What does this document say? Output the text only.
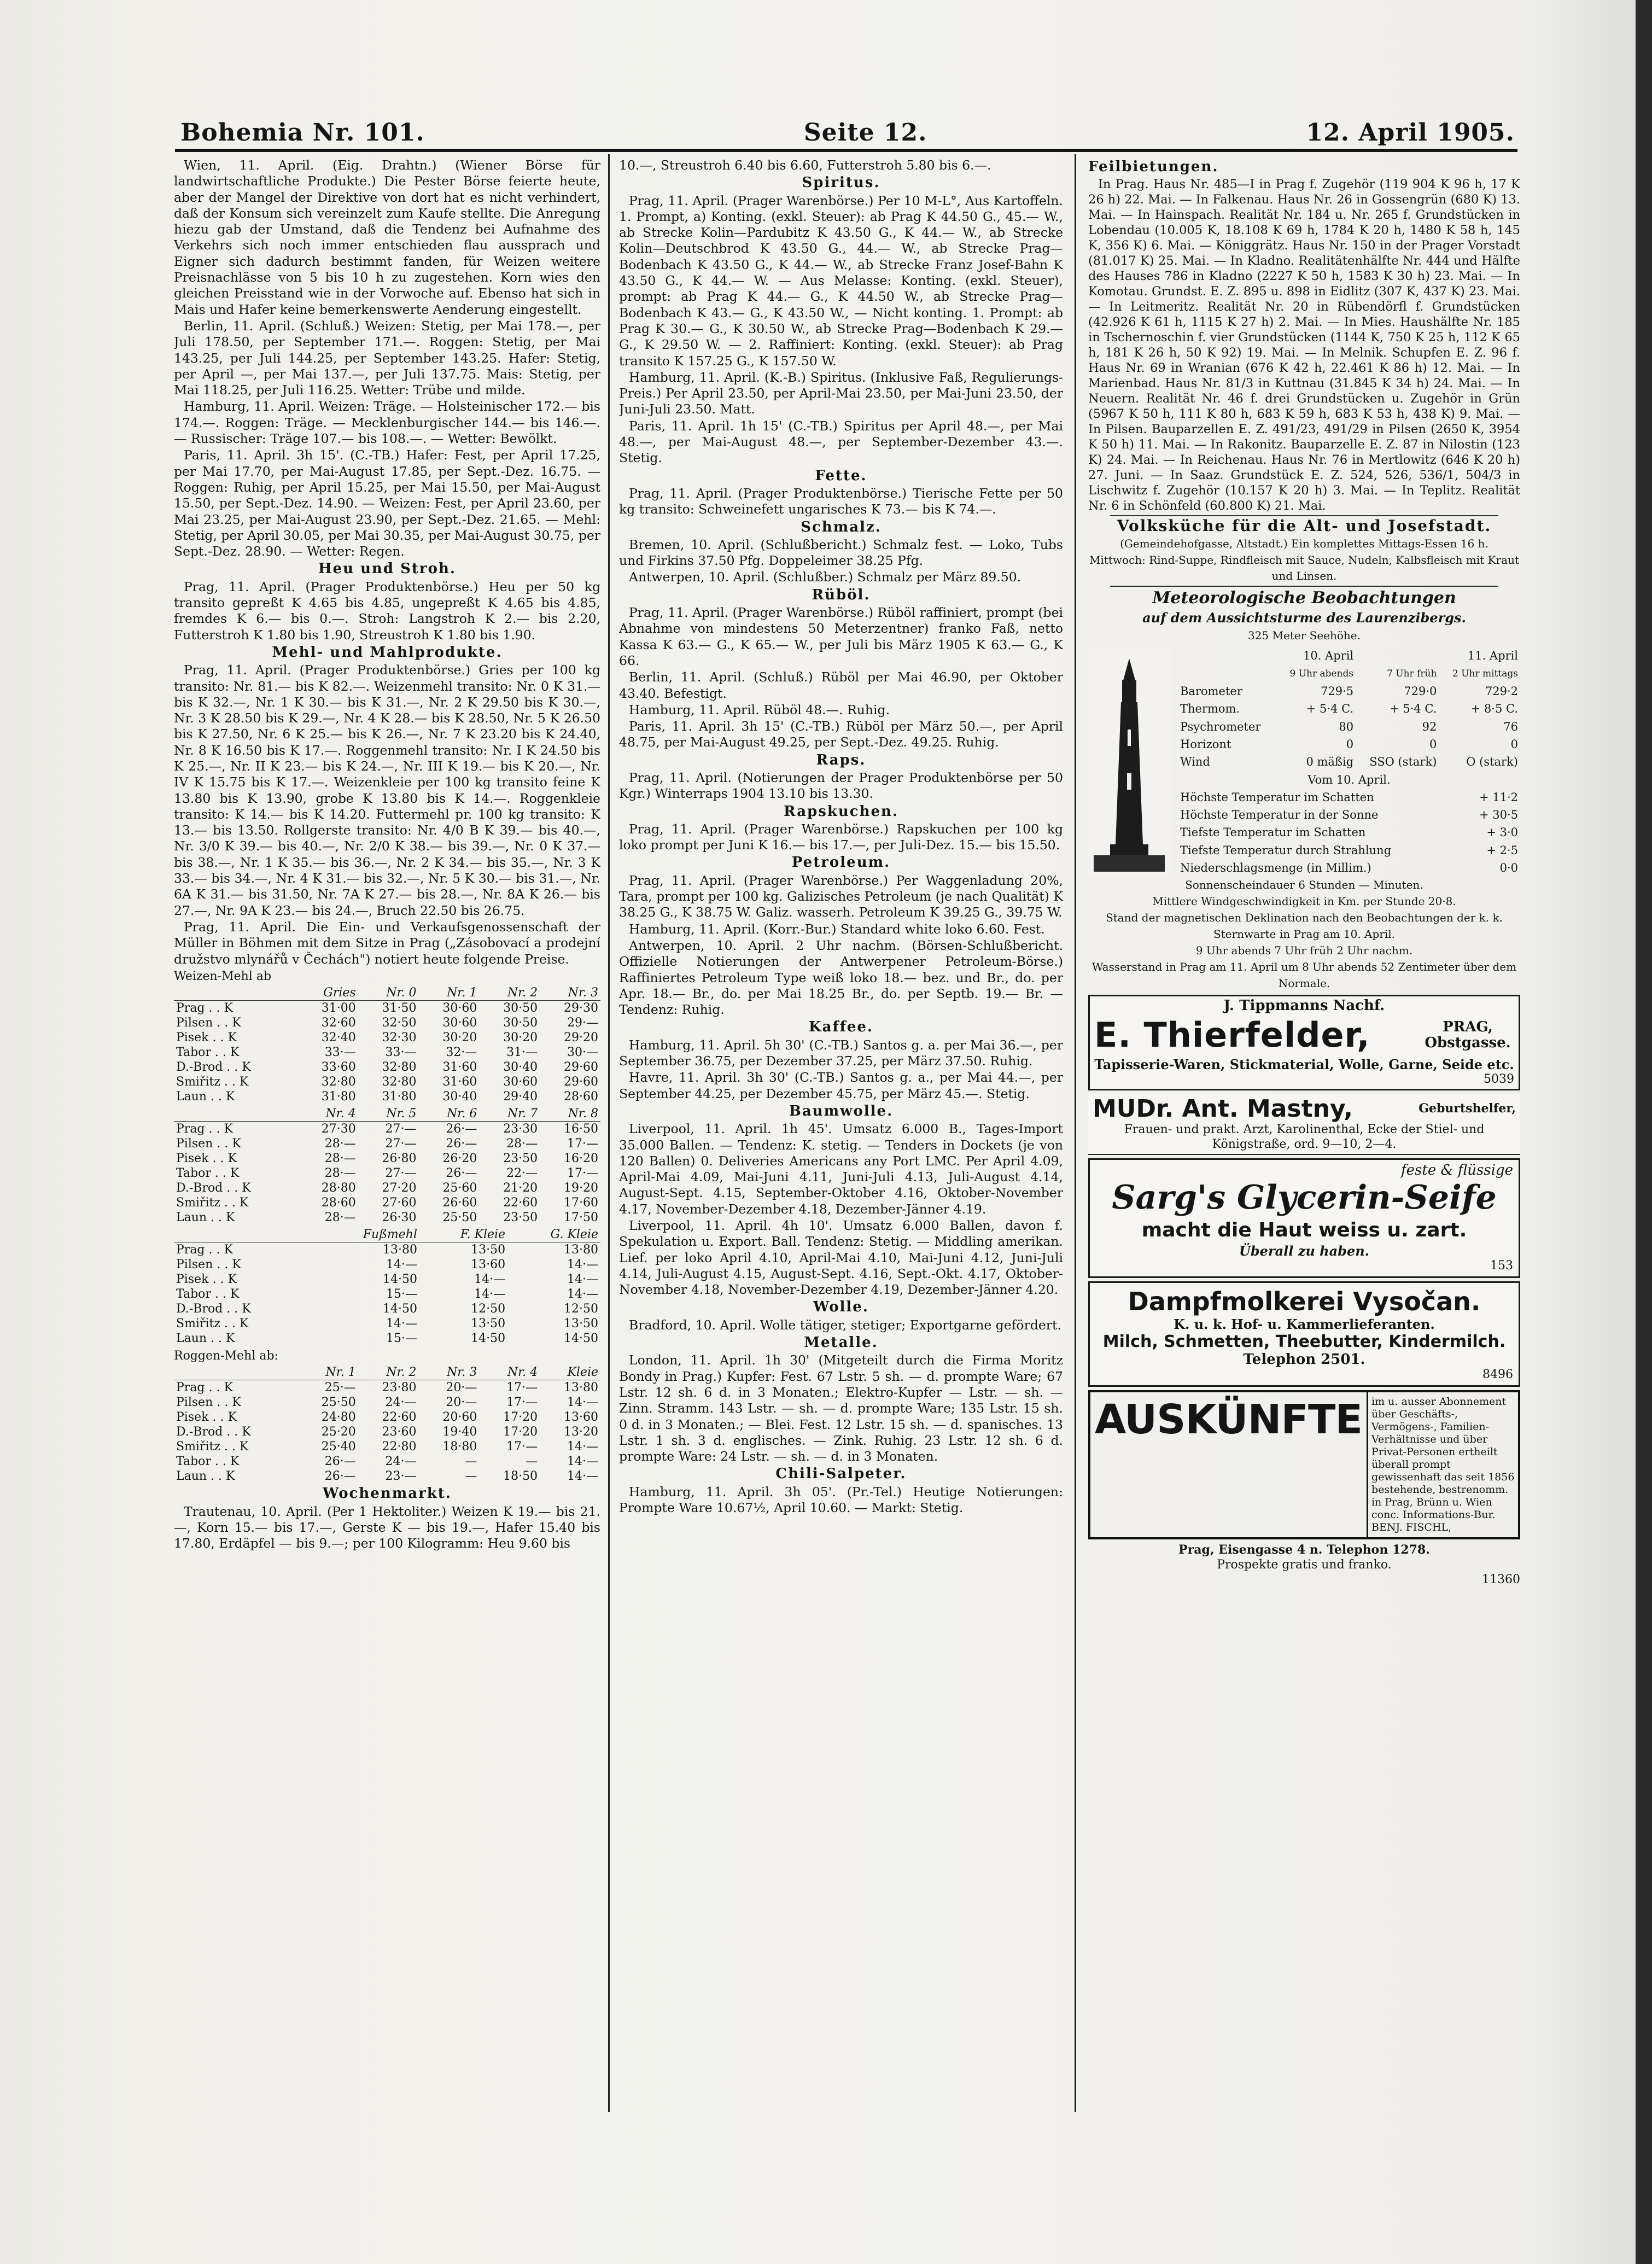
Bohemia Nr. 101.	Seite 12.	12. April 1905.

Wien, 11. April. (Eig. Drahtn.) (Wiener Börse für landwirtschaftliche Produkte.) Die Pester Börse feierte heute, aber der Mangel der Direktive von dort hat es nicht verhindert, daß der Konsum sich vereinzelt zum Kaufe stellte. Die Anregung hiezu gab der Umstand, daß die Tendenz bei Aufnahme des Verkehrs sich noch immer entschieden flau aussprach und Eigner sich dadurch bestimmt fanden, für Weizen weitere Preisnachlässe von 5 bis 10 h zu zugestehen. Korn wies den gleichen Preisstand wie in der Vorwoche auf. Ebenso hat sich in Mais und Hafer keine bemerkenswerte Aenderung eingestellt.

Berlin, 11. April. (Schluß.) Weizen: Stetig, per Mai 178.—, per Juli 178.50, per September 171.—. Roggen: Stetig, per Mai 143.25, per Juli 144.25, per September 143.25. Hafer: Stetig, per April —, per Mai 137.—, per Juli 137.75. Mais: Stetig, per Mai 118.25, per Juli 116.25. Wetter: Trübe und milde.

Hamburg, 11. April. Weizen: Träge. — Holsteinischer 172.— bis 174.—. Roggen: Träge. — Mecklenburgischer 144.— bis 146.—. — Russischer: Träge 107.— bis 108.—. — Wetter: Bewölkt.

Paris, 11. April. 3h 15'. (C.-TB.) Hafer: Fest, per April 17.25, per Mai 17.70, per Mai-August 17.85, per Sept.-Dez. 16.75. — Roggen: Ruhig, per April 15.25, per Mai 15.50, per Mai-August 15.50, per Sept.-Dez. 14.90. — Weizen: Fest, per April 23.60, per Mai 23.25, per Mai-August 23.90, per Sept.-Dez. 21.65. — Mehl: Stetig, per April 30.05, per Mai 30.35, per Mai-August 30.75, per Sept.-Dez. 28.90. — Wetter: Regen.

Heu und Stroh.

Prag, 11. April. (Prager Produktenbörse.) Heu per 50 kg transito gepreßt K 4.65 bis 4.85, ungepreßt K 4.65 bis 4.85, fremdes K 6.— bis 0.—. Stroh: Langstroh K 2.— bis 2.20, Futterstroh K 1.80 bis 1.90, Streustroh K 1.80 bis 1.90.

Mehl- und Mahlprodukte.

Prag, 11. April. (Prager Produktenbörse.) Gries per 100 kg transito: Nr. 81.— bis K 82.—. Weizenmehl transito: Nr. 0 K 31.— bis K 32.—, Nr. 1 K 30.— bis K 31.—, Nr. 2 K 29.50 bis K 30.—, Nr. 3 K 28.50 bis K 29.—, Nr. 4 K 28.— bis K 28.50, Nr. 5 K 26.50 bis K 27.50, Nr. 6 K 25.— bis K 26.—, Nr. 7 K 23.20 bis K 24.40, Nr. 8 K 16.50 bis K 17.—. Roggenmehl transito: Nr. I K 24.50 bis K 25.—, Nr. II K 23.— bis K 24.—, Nr. III K 19.— bis K 20.—, Nr. IV K 15.75 bis K 17.—. Weizenkleie per 100 kg transito feine K 13.80 bis K 13.90, grobe K 13.80 bis K 14.—. Roggenkleie transito: K 14.— bis K 14.20. Futtermehl pr. 100 kg transito: K 13.— bis 13.50. Rollgerste transito: Nr. 4/0 B K 39.— bis 40.—, Nr. 3/0 K 39.— bis 40.—, Nr. 2/0 K 38.— bis 39.—, Nr. 0 K 37.— bis 38.—, Nr. 1 K 35.— bis 36.—, Nr. 2 K 34.— bis 35.—, Nr. 3 K 33.— bis 34.—, Nr. 4 K 31.— bis 32.—, Nr. 5 K 30.— bis 31.—, Nr. 6A K 31.— bis 31.50, Nr. 7A K 27.— bis 28.—, Nr. 8A K 26.— bis 27.—, Nr. 9A K 23.— bis 24.—, Bruch 22.50 bis 26.75.

Prag, 11. April. Die Ein- und Verkaufsgenossenschaft der Müller in Böhmen mit dem Sitze in Prag („Zásobovací a prodejní družstvo mlynářů v Čechách") notiert heute folgende Preise.

Weizen-Mehl ab
	Gries	Nr. 0	Nr. 1	Nr. 2	Nr. 3
Prag . . K	31·00	31·50	30·60	30·50	29·30
Pilsen . . K	32·60	32·50	30·60	30·50	29·—
Pisek . . K	32·40	32·30	30·20	30·20	29·20
Tabor . . K	33·—	33·—	32·—	31·—	30·—
D.-Brod . . K	33·60	32·80	31·60	30·40	29·60
Smiřitz . . K	32·80	32·80	31·60	30·60	29·60
Laun . . K	31·80	31·80	30·40	29·40	28·60
	Nr. 4	Nr. 5	Nr. 6	Nr. 7	Nr. 8
Prag . . K	27·30	27·—	26·—	23·30	16·50
Pilsen . . K	28·—	27·—	26·—	28·—	17·—
Pisek . . K	28·—	26·80	26·20	23·50	16·20
Tabor . . K	28·—	27·—	26·—	22·—	17·—
D.-Brod . . K	28·80	27·20	25·60	21·20	19·20
Smiřitz . . K	28·60	27·60	26·60	22·60	17·60
Laun . . K	28·—	26·30	25·50	23·50	17·50
	Fußmehl	F. Kleie	G. Kleie
Prag . . K	13·80	13·50	13·80
Pilsen . . K	14·—	13·60	14·—
Pisek . . K	14·50	14·—	14·—
Tabor . . K	15·—	14·—	14·—
D.-Brod . . K	14·50	12·50	12·50
Smiřitz . . K	14·—	13·50	13·50
Laun . . K	15·—	14·50	14·50
Roggen-Mehl ab:
	Nr. 1	Nr. 2	Nr. 3	Nr. 4	Kleie
Prag . . K	25·—	23·80	20·—	17·—	13·80
Pilsen . . K	25·50	24·—	20·—	17·—	14·—
Pisek . . K	24·80	22·60	20·60	17·20	13·60
D.-Brod . . K	25·20	23·60	19·40	17·20	13·20
Smiřitz . . K	25·40	22·80	18·80	17·—	14·—
Tabor . . K	26·—	24·—	—	—	14·—
Laun . . K	26·—	23·—	—	18·50	14·—
Wochenmarkt.

Trautenau, 10. April. (Per 1 Hektoliter.) Weizen K 19.— bis 21.—, Korn 15.— bis 17.—, Gerste K — bis 19.—, Hafer 15.40 bis 17.80, Erdäpfel — bis 9.—; per 100 Kilogramm: Heu 9.60 bis

10.—, Streustroh 6.40 bis 6.60, Futterstroh 5.80 bis 6.—.

Spiritus.

Prag, 11. April. (Prager Warenbörse.) Per 10 M-L°, Aus Kartoffeln. 1. Prompt, a) Konting. (exkl. Steuer): ab Prag K 44.50 G., 45.— W., ab Strecke Kolin—Pardubitz K 43.50 G., K 44.— W., ab Strecke Kolin—Deutschbrod K 43.50 G., 44.— W., ab Strecke Prag—Bodenbach K 43.50 G., K 44.— W., ab Strecke Franz Josef-Bahn K 43.50 G., K 44.— W. — Aus Melasse: Konting. (exkl. Steuer), prompt: ab Prag K 44.— G., K 44.50 W., ab Strecke Prag—Bodenbach K 43.— G., K 43.50 W., — Nicht konting. 1. Prompt: ab Prag K 30.— G., K 30.50 W., ab Strecke Prag—Bodenbach K 29.— G., K 29.50 W. — 2. Raffiniert: Konting. (exkl. Steuer): ab Prag transito K 157.25 G., K 157.50 W.

Hamburg, 11. April. (K.-B.) Spiritus. (Inklusive Faß, Regulierungs-Preis.) Per April 23.50, per April-Mai 23.50, per Mai-Juni 23.50, der Juni-Juli 23.50. Matt.

Paris, 11. April. 1h 15' (C.-TB.) Spiritus per April 48.—, per Mai 48.—, per Mai-August 48.—, per September-Dezember 43.—. Stetig.

Fette.

Prag, 11. April. (Prager Produktenbörse.) Tierische Fette per 50 kg transito: Schweinefett ungarisches K 73.— bis K 74.—.

Schmalz.

Bremen, 10. April. (Schlußbericht.) Schmalz fest. — Loko, Tubs und Firkins 37.50 Pfg. Doppeleimer 38.25 Pfg.

Antwerpen, 10. April. (Schlußber.) Schmalz per März 89.50.

Rüböl.

Prag, 11. April. (Prager Warenbörse.) Rüböl raffiniert, prompt (bei Abnahme von mindestens 50 Meterzentner) franko Faß, netto Kassa K 63.— G., K 65.— W., per Juli bis März 1905 K 63.— G., K 66.

Berlin, 11. April. (Schluß.) Rüböl per Mai 46.90, per Oktober 43.40. Befestigt.

Hamburg, 11. April. Rüböl 48.—. Ruhig.

Paris, 11. April. 3h 15' (C.-TB.) Rüböl per März 50.—, per April 48.75, per Mai-August 49.25, per Sept.-Dez. 49.25. Ruhig.

Raps.

Prag, 11. April. (Notierungen der Prager Produktenbörse per 50 Kgr.) Winterraps 1904 13.10 bis 13.30.

Rapskuchen.

Prag, 11. April. (Prager Warenbörse.) Rapskuchen per 100 kg loko prompt per Juni K 16.— bis 17.—, per Juli-Dez. 15.— bis 15.50.

Petroleum.

Prag, 11. April. (Prager Warenbörse.) Per Waggenladung 20%, Tara, prompt per 100 kg. Galizisches Petroleum (je nach Qualität) K 38.25 G., K 38.75 W. Galiz. wasserh. Petroleum K 39.25 G., 39.75 W.

Hamburg, 11. April. (Korr.-Bur.) Standard white loko 6.60. Fest.

Antwerpen, 10. April. 2 Uhr nachm. (Börsen-Schlußbericht. Offizielle Notierungen der Antwerpener Petroleum-Börse.) Raffiniertes Petroleum Type weiß loko 18.— bez. und Br., do. per Apr. 18.— Br., do. per Mai 18.25 Br., do. per Septb. 19.— Br. — Tendenz: Ruhig.

Kaffee.

Hamburg, 11. April. 5h 30' (C.-TB.) Santos g. a. per Mai 36.—, per September 36.75, per Dezember 37.25, per März 37.50. Ruhig.

Havre, 11. April. 3h 30' (C.-TB.) Santos g. a., per Mai 44.—, per September 44.25, per Dezember 45.75, per März 45.—. Stetig.

Baumwolle.

Liverpool, 11. April. 1h 45'. Umsatz 6.000 B., Tages-Import 35.000 Ballen. — Tendenz: K. stetig. — Tenders in Dockets (je von 120 Ballen) 0. Deliveries Americans any Port LMC. Per April 4.09, April-Mai 4.09, Mai-Juni 4.11, Juni-Juli 4.13, Juli-August 4.14, August-Sept. 4.15, September-Oktober 4.16, Oktober-November 4.17, November-Dezember 4.18, Dezember-Jänner 4.19.

Liverpool, 11. April. 4h 10'. Umsatz 6.000 Ballen, davon f. Spekulation u. Export. Ball. Tendenz: Stetig. — Middling amerikan. Lief. per loko April 4.10, April-Mai 4.10, Mai-Juni 4.12, Juni-Juli 4.14, Juli-August 4.15, August-Sept. 4.16, Sept.-Okt. 4.17, Oktober-November 4.18, November-Dezember 4.19, Dezember-Jänner 4.20.

Wolle.

Bradford, 10. April. Wolle tätiger, stetiger; Exportgarne gefördert.

Metalle.

London, 11. April. 1h 30' (Mitgeteilt durch die Firma Moritz Bondy in Prag.) Kupfer: Fest. 67 Lstr. 5 sh. — d. prompte Ware; 67 Lstr. 12 sh. 6 d. in 3 Monaten.; Elektro-Kupfer — Lstr. — sh. — Zinn. Stramm. 143 Lstr. — sh. — d. prompte Ware; 135 Lstr. 15 sh. 0 d. in 3 Monaten.; — Blei. Fest. 12 Lstr. 15 sh. — d. spanisches. 13 Lstr. 1 sh. 3 d. englisches. — Zink. Ruhig. 23 Lstr. 12 sh. 6 d. prompte Ware: 24 Lstr. — sh. — d. in 3 Monaten.

Chili-Salpeter.

Hamburg, 11. April. 3h 05'. (Pr.-Tel.) Heutige Notierungen: Prompte Ware 10.67½, April 10.60. — Markt: Stetig.

Feilbietungen.

In Prag. Haus Nr. 485—I in Prag f. Zugehör (119 904 K 96 h, 17 K 26 h) 22. Mai. — In Falkenau. Haus Nr. 26 in Gossengrün (680 K) 13. Mai. — In Hainspach. Realität Nr. 184 u. Nr. 265 f. Grundstücken in Lobendau (10.005 K, 18.108 K 69 h, 1784 K 20 h, 1480 K 58 h, 145 K, 356 K) 6. Mai. — Königgrätz. Haus Nr. 150 in der Prager Vorstadt (81.017 K) 25. Mai. — In Kladno. Realitätenhälfte Nr. 444 und Hälfte des Hauses 786 in Kladno (2227 K 50 h, 1583 K 30 h) 23. Mai. — In Komotau. Grundst. E. Z. 895 u. 898 in Eidlitz (307 K, 437 K) 23. Mai. — In Leitmeritz. Realität Nr. 20 in Rübendörfl f. Grundstücken (42.926 K 61 h, 1115 K 27 h) 2. Mai. — In Mies. Haushälfte Nr. 185 in Tschernoschin f. vier Grundstücken (1144 K, 750 K 25 h, 112 K 65 h, 181 K 26 h, 50 K 92) 19. Mai. — In Melnik. Schupfen E. Z. 96 f. Haus Nr. 69 in Wranian (676 K 42 h, 22.461 K 86 h) 12. Mai. — In Marienbad. Haus Nr. 81/3 in Kuttnau (31.845 K 34 h) 24. Mai. — In Neuern. Realität Nr. 46 f. drei Grundstücken u. Zugehör in Grün (5967 K 50 h, 111 K 80 h, 683 K 59 h, 683 K 53 h, 438 K) 9. Mai. — In Pilsen. Bauparzellen E. Z. 491/23, 491/29 in Pilsen (2650 K, 3954 K 50 h) 11. Mai. — In Rakonitz. Bauparzelle E. Z. 87 in Nilostin (123 K) 24. Mai. — In Reichenau. Haus Nr. 76 in Mertlowitz (646 K 20 h) 27. Juni. — In Saaz. Grundstück E. Z. 524, 526, 536/1, 504/3 in Lischwitz f. Zugehör (10.157 K 20 h) 3. Mai. — In Teplitz. Realität Nr. 6 in Schönfeld (60.800 K) 21. Mai.

Volksküche für die Alt- und Josefstadt.

(Gemeindehofgasse, Altstadt.) Ein komplettes Mittags-Essen 16 h.

Mittwoch: Rind-Suppe, Rindfleisch mit Sauce, Nudeln, Kalbsfleisch mit Kraut und Linsen.

Meteorologische Beobachtungen
auf dem Aussichtsturme des Laurenzibergs.
325 Meter Seehöhe.
	10. April	11. April	
	9 Uhr abends	7 Uhr früh	2 Uhr mittags
Barometer	729·5	729·0	729·2
Thermom.	+ 5·4 C.	+ 5·4 C.	+ 8·5 C.
Psychrometer	80	92	76
Horizont	0	0	0
Wind	0 mäßig	SSO (stark)	O (stark)
Vom 10. April.			
Höchste Temperatur im Schatten			+ 11·2
Höchste Temperatur in der Sonne			+ 30·5
Tiefste Temperatur im Schatten			+ 3·0
Tiefste Temperatur durch Strahlung			+ 2·5
Niederschlagsmenge (in Millim.)			0·0

Sonnenscheindauer 6 Stunden — Minuten.

Mittlere Windgeschwindigkeit in Km. per Stunde 20·8.

Stand der magnetischen Deklination nach den Beobachtungen der k. k. Sternwarte in Prag am 10. April.

9 Uhr abends 7 Uhr früh 2 Uhr nachm.

Wasserstand in Prag am 11. April um 8 Uhr abends 52 Zentimeter über dem Normale.

J. Tippmanns Nachf.
E. Thierfelder,	PRAG, Obstgasse.
Tapisserie-Waren, Stickmaterial, Wolle, Garne, Seide etc.
5039
MUDr. Ant. Mastny,	Geburtshelfer,
Frauen- und prakt. Arzt, Karolinenthal, Ecke der Stiel- und Königstraße, ord. 9—10, 2—4.
feste & flüssige
Sarg's Glycerin-Seife
macht die Haut weiss u. zart.
Überall zu haben.
153
Dampfmolkerei Vysočan.
K. u. k. Hof- u. Kammerlieferanten.
Milch, Schmetten, Theebutter, Kindermilch.
Telephon 2501.
8496
AUSKÜNFTE im u. ausser Abonnement über Geschäfts-, Vermögens-, Familien-Verhältnisse und über Privat-Personen ertheilt überall prompt gewissenhaft das seit 1856 bestehende, bestrenomm. in Prag, Brünn u. Wien conc. Informations-Bur. BENJ. FISCHL,
Prag, Eisengasse 4 n. Telephon 1278.
Prospekte gratis und franko.
11360
